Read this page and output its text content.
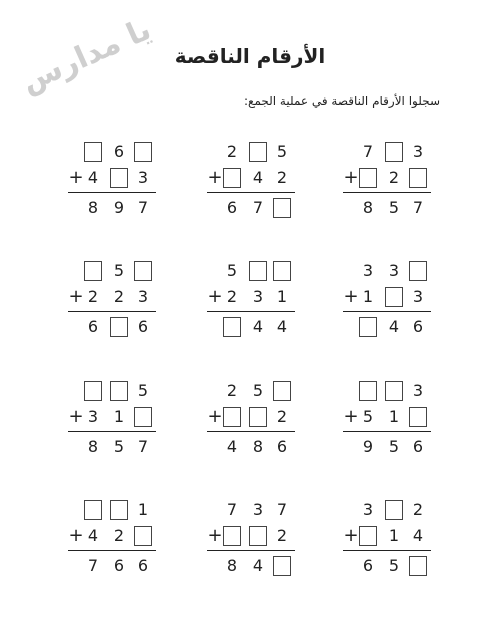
يا مدارس الأرقام الناقصة
سجلوا الأرقام الناقصة في عملية الجمع:
6
4 3
8 9 7
+
2 5
4 2
6 7
+
7 3
2
8 5 7
+
5
2 2 3
6 6
+
5
2 3 1
4 4
+
3 3
1 3
4 6
+
5
3 1
8 5 7
+
2 5
2
4 8 6
+
3
5 1
9 5 6
+
1
4 2
7 6 6
+
7 3 7
2
8 4
+
3 2
1 4
6 5
+
